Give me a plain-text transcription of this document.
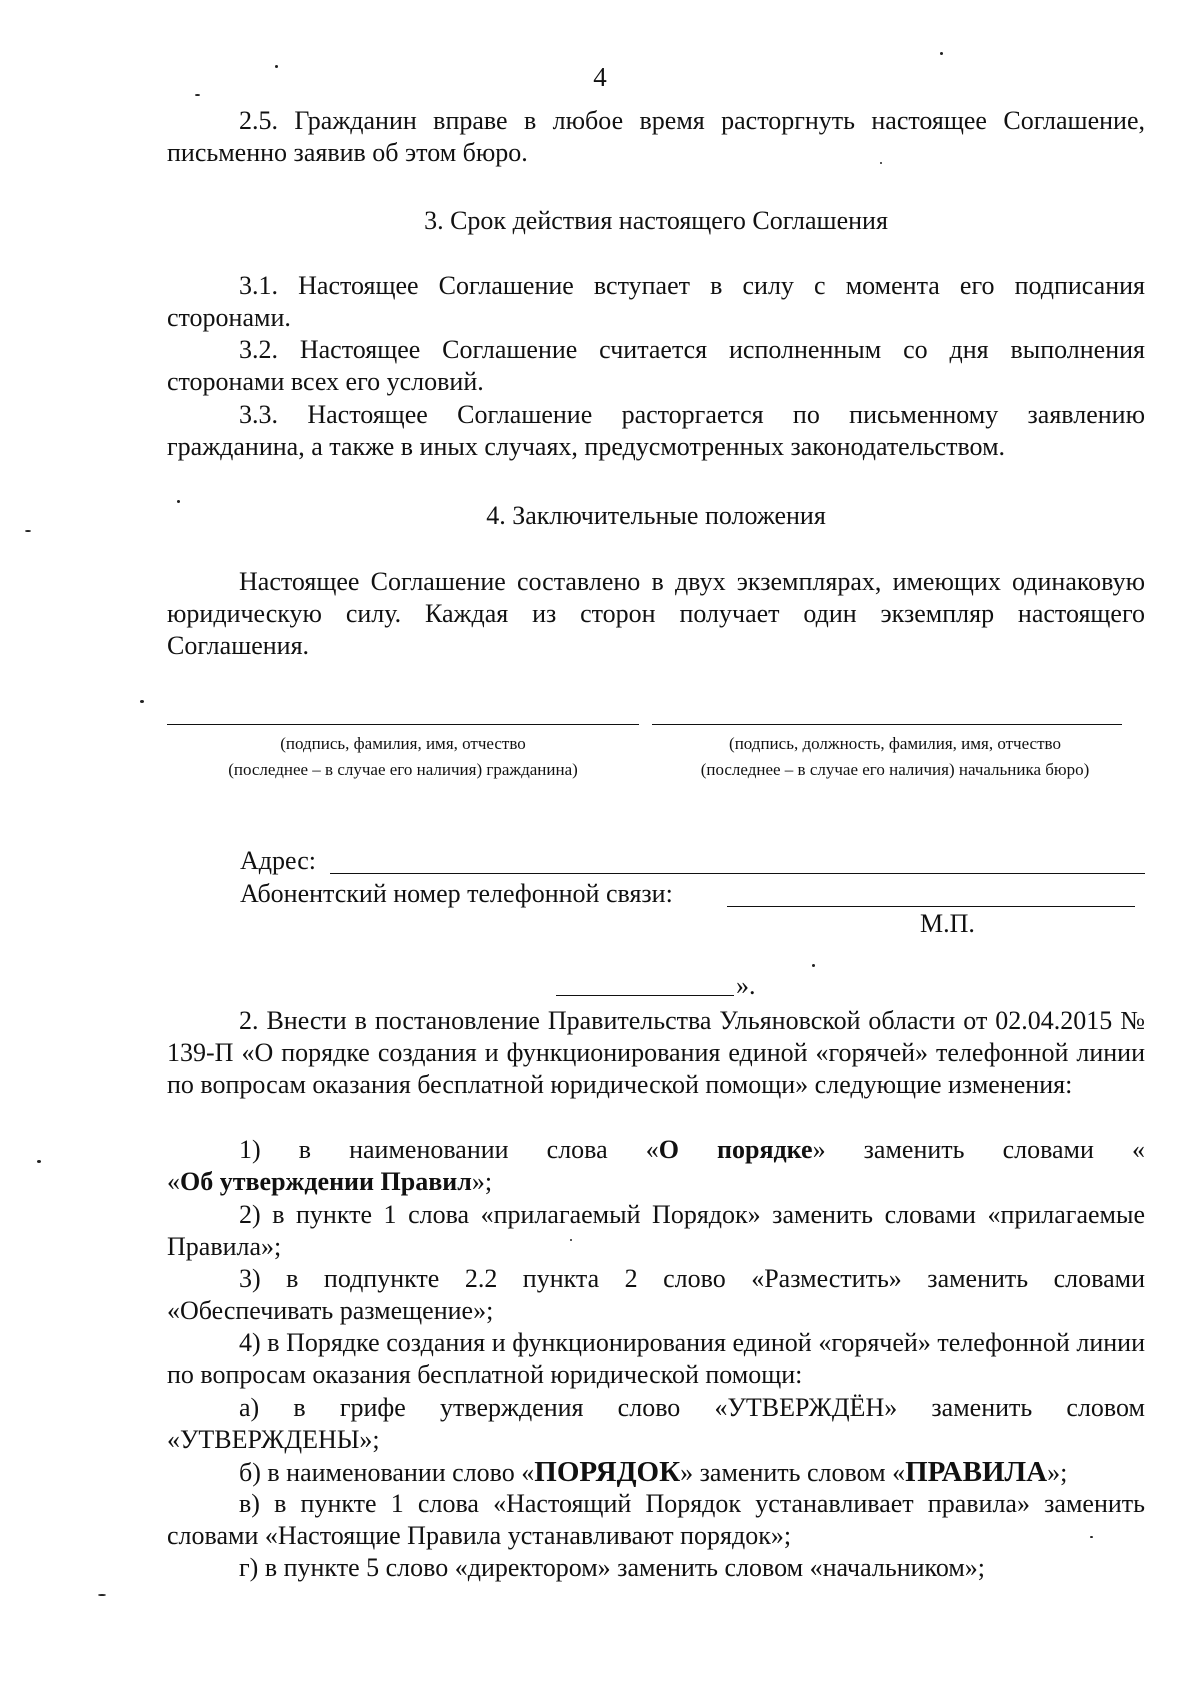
4

2.5. Гражданин вправе в любое время расторгнуть настоящее Соглашение, письменно заявив об этом бюро.

3. Срок действия настоящего Соглашения

3.1. Настоящее Соглашение вступает в силу с момента его подписания сторонами.

3.2. Настоящее Соглашение считается исполненным со дня выполнения сторонами всех его условий.

3.3. Настоящее Соглашение расторгается по письменному заявлению гражданина, а также в иных случаях, предусмотренных законодательством.

4. Заключительные положения

Настоящее Соглашение составлено в двух экземплярах, имеющих одинаковую юридическую силу. Каждая из сторон получает один экземпляр настоящего Соглашения.

(подпись, фамилия, имя, отчество
(последнее – в случае его наличия) гражданина)
(подпись, должность, фамилия, имя, отчество
(последнее – в случае его наличия) начальника бюро)
Адрес:
Абонентский номер телефонной связи:
М.П.
».

2. Внести в постановление Правительства Ульяновской области от 02.04.2015 № 139-П «О порядке создания и функционирования единой «горячей» телефонной линии по вопросам оказания бесплатной юридической помощи» следующие изменения:

1) в наименовании слова «О порядке» заменить словами «

«Об утверждении Правил»;

2) в пункте 1 слова «прилагаемый Порядок» заменить словами «прилагаемые Правила»;

3) в подпункте 2.2 пункта 2 слово «Разместить» заменить словами «Обеспечивать размещение»;

4) в Порядке создания и функционирования единой «горячей» телефонной линии по вопросам оказания бесплатной юридической помощи:

а) в грифе утверждения слово «УТВЕРЖДЁН» заменить словом «УТВЕРЖДЕНЫ»;

б) в наименовании слово «ПОРЯДОК» заменить словом «ПРАВИЛА»;

в) в пункте 1 слова «Настоящий Порядок устанавливает правила» заменить словами «Настоящие Правила устанавливают порядок»;

г) в пункте 5 слово «директором» заменить словом «начальником»;
